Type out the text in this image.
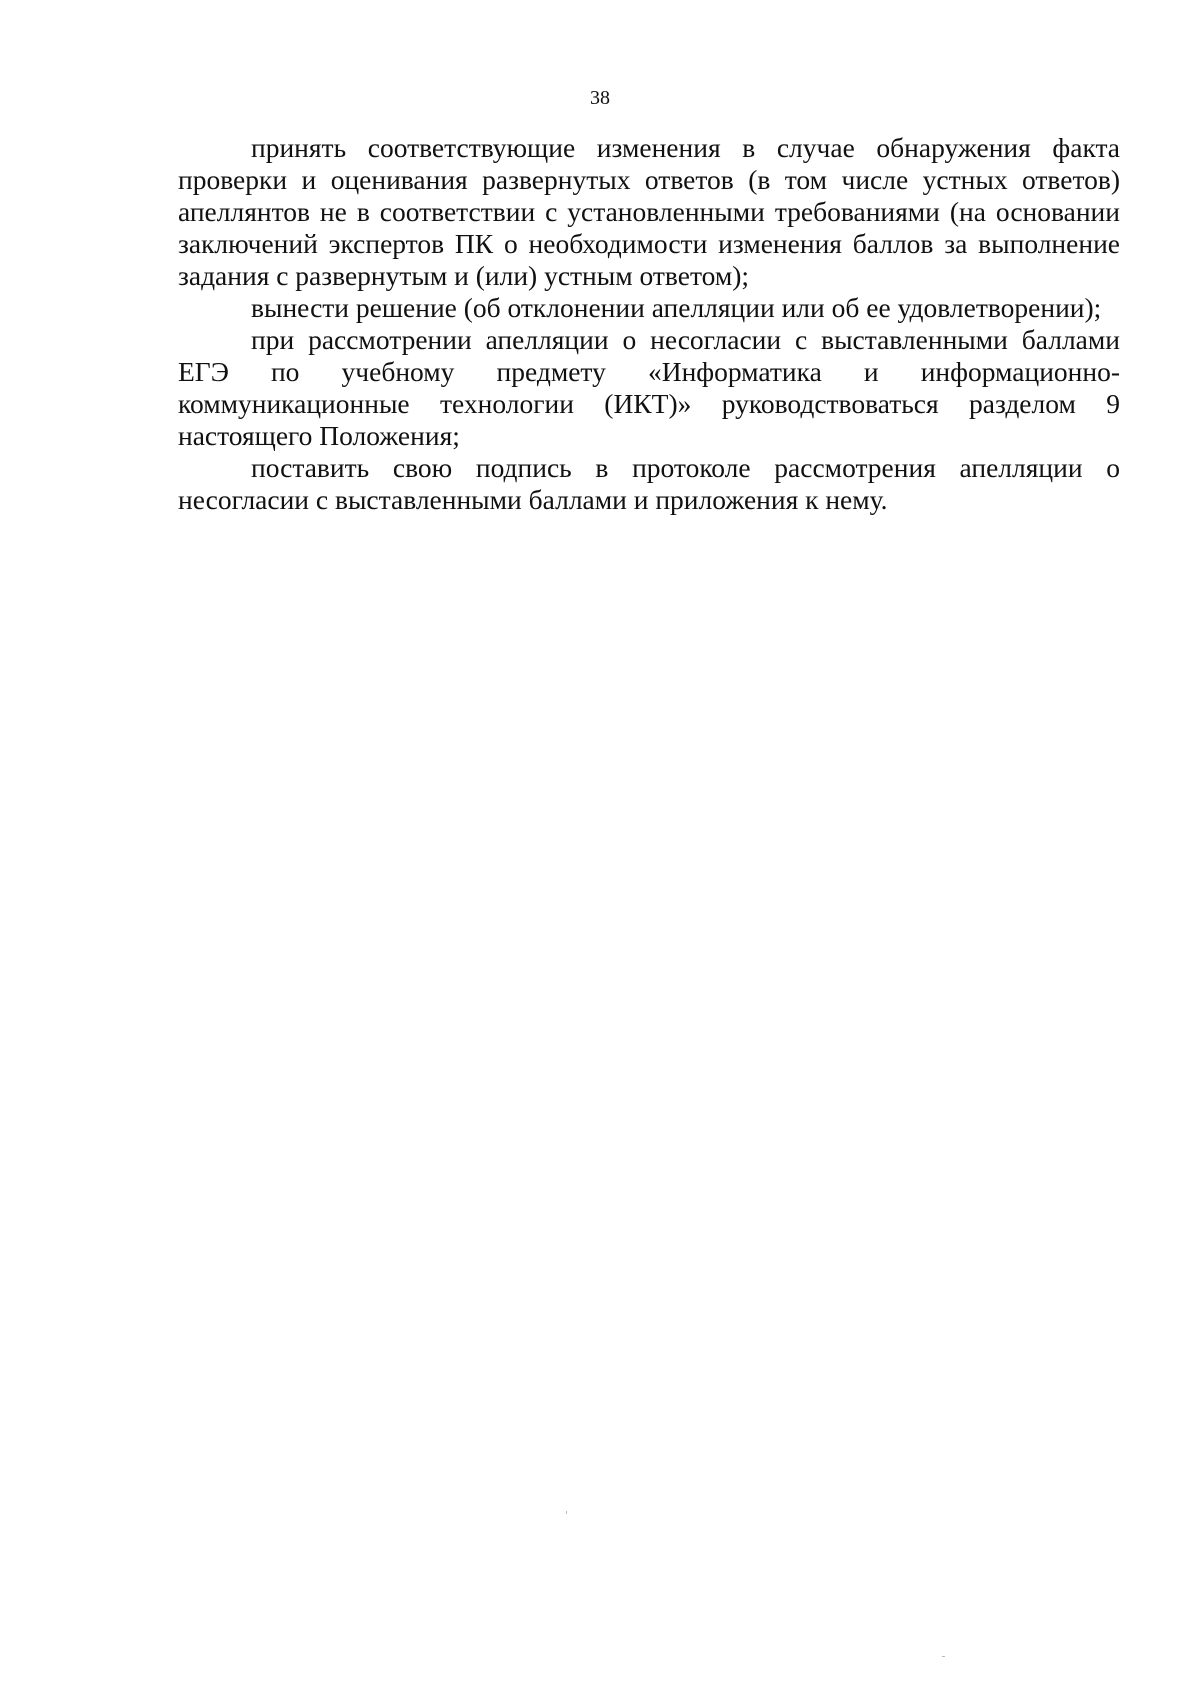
38

принять соответствующие изменения в случае обнаружения факта проверки и оценивания развернутых ответов (в том числе устных ответов) апеллянтов не в соответствии с установленными требованиями (на основании заключений экспертов ПК о необходимости изменения баллов за выполнение задания с развернутым и (или) устным ответом);

вынести решение (об отклонении апелляции или об ее удовлетворении);

при рассмотрении апелляции о несогласии с выставленными баллами ЕГЭ по учебному предмету «Информатика и информационно-коммуникационные технологии (ИКТ)» руководствоваться разделом 9 настоящего Положения;

поставить свою подпись в протоколе рассмотрения апелляции о несогласии с выставленными баллами и приложения к нему.
